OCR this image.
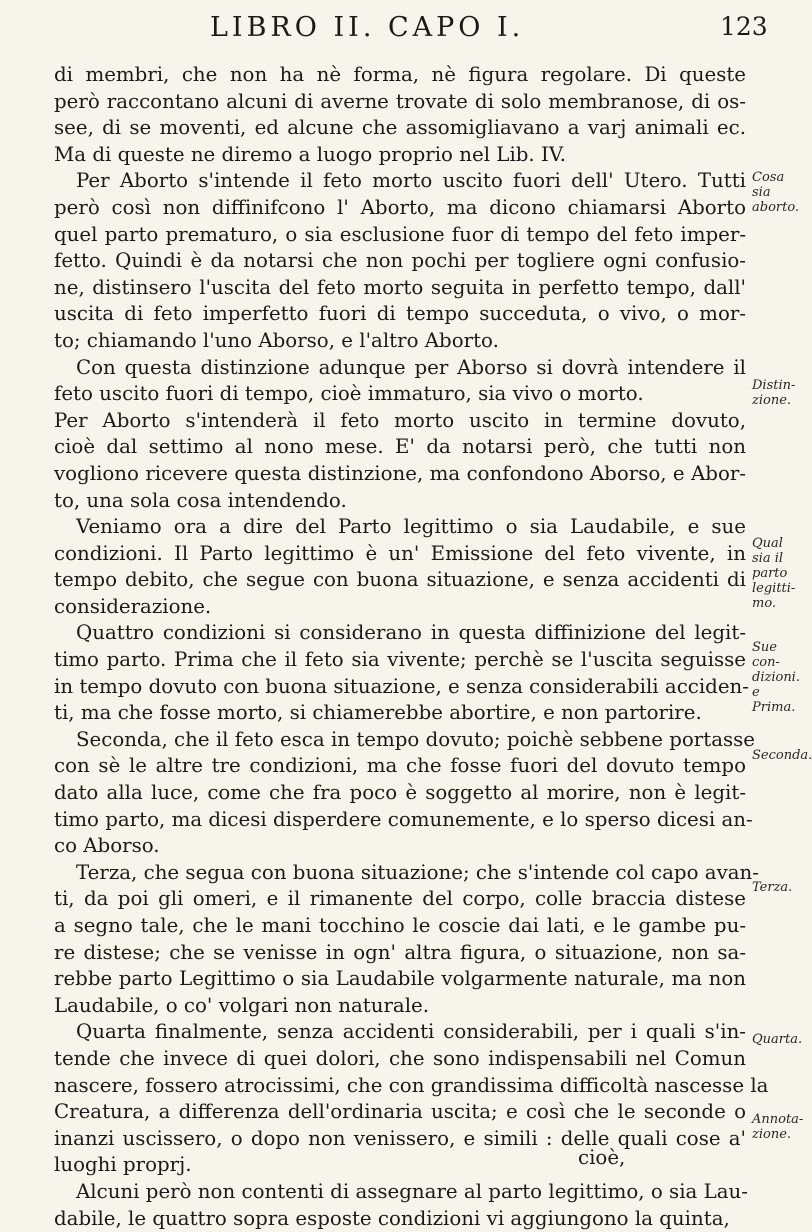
LIBRO II. CAPO I.	123
di membri, che non ha nè forma, nè figura regolare. Di queste
però raccontano alcuni di averne trovate di solo membranose, di os-
see, di se moventi, ed alcune che assomigliavano a varj animali ec.
Ma di queste ne diremo a luogo proprio nel Lib. IV.
Per Aborto s'intende il feto morto uscito fuori dell' Utero. Tutti
però così non diffinifcono l' Aborto, ma dicono chiamarsi Aborto
quel parto prematuro, o sia esclusione fuor di tempo del feto imper-
fetto. Quindi è da notarsi che non pochi per togliere ogni confusio-
ne, distinsero l'uscita del feto morto seguita in perfetto tempo, dall'
uscita di feto imperfetto fuori di tempo succeduta, o vivo, o mor-
to; chiamando l'uno Aborso, e l'altro Aborto.
Con questa distinzione adunque per Aborso si dovrà intendere il
feto uscito fuori di tempo, cioè immaturo, sia vivo o morto.
Per Aborto s'intenderà il feto morto uscito in termine dovuto,
cioè dal settimo al nono mese. E' da notarsi però, che tutti non
vogliono ricevere questa distinzione, ma confondono Aborso, e Abor-
to, una sola cosa intendendo.
Veniamo ora a dire del Parto legittimo o sia Laudabile, e sue
condizioni. Il Parto legittimo è un' Emissione del feto vivente, in
tempo debito, che segue con buona situazione, e senza accidenti di
considerazione.
Quattro condizioni si considerano in questa diffinizione del legit-
timo parto. Prima che il feto sia vivente; perchè se l'uscita seguisse
in tempo dovuto con buona situazione, e senza considerabili acciden-
ti, ma che fosse morto, si chiamerebbe abortire, e non partorire.
Seconda, che il feto esca in tempo dovuto; poichè sebbene portasse
con sè le altre tre condizioni, ma che fosse fuori del dovuto tempo
dato alla luce, come che fra poco è soggetto al morire, non è legit-
timo parto, ma dicesi disperdere comunemente, e lo sperso dicesi an-
co Aborso.
Terza, che segua con buona situazione; che s'intende col capo avan-
ti, da poi gli omeri, e il rimanente del corpo, colle braccia distese
a segno tale, che le mani tocchino le coscie dai lati, e le gambe pu-
re distese; che se venisse in ogn' altra figura, o situazione, non sa-
rebbe parto Legittimo o sia Laudabile volgarmente naturale, ma non
Laudabile, o co' volgari non naturale.
Quarta finalmente, senza accidenti considerabili, per i quali s'in-
tende che invece di quei dolori, che sono indispensabili nel Comun
nascere, fossero atrocissimi, che con grandissima difficoltà nascesse la
Creatura, a differenza dell'ordinaria uscita; e così che le seconde o
inanzi uscissero, o dopo non venissero, e simili : delle quali cose a'
luoghi proprj.
Alcuni però non contenti di assegnare al parto legittimo, o sia Lau-
dabile, le quattro sopra esposte condizioni vi aggiungono la quinta,
Cosa sia aborto.
Distin- zione.
Qual sia il parto legitti- mo.
Sue con- dizioni. e Prima.
Seconda.
Terza.
Quarta.
Annota- zione.
cioè,
